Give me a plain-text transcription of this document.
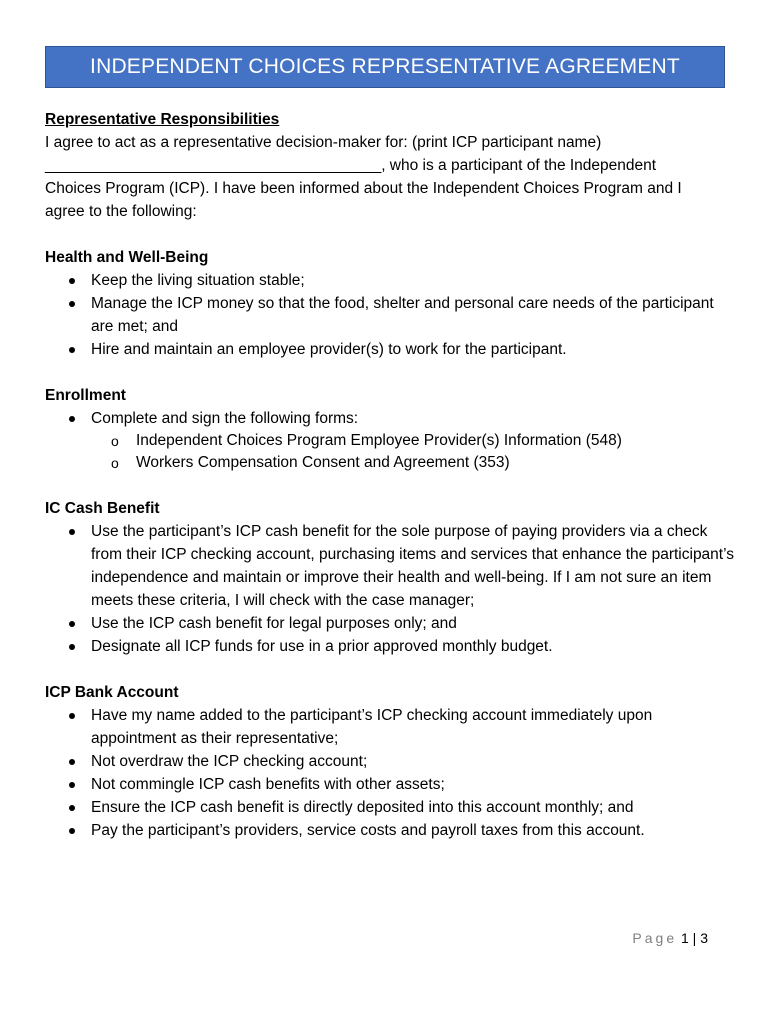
INDEPENDENT CHOICES REPRESENTATIVE AGREEMENT

Representative Responsibilities

I agree to act as a representative decision-maker for: (print ICP participant name)

_______________________________________, who is a participant of the Independent

Choices Program (ICP). I have been informed about the Independent Choices Program and I

agree to the following:

Health and Well-Being

Keep the living situation stable;
Manage the ICP money so that the food, shelter and personal care needs of the participant are met; and
Hire and maintain an employee provider(s) to work for the participant.

Enrollment

Complete and sign the following forms:
o Independent Choices Program Employee Provider(s) Information (548)
o Workers Compensation Consent and Agreement (353)

IC Cash Benefit

Use the participant’s ICP cash benefit for the sole purpose of paying providers via a check from their ICP checking account, purchasing items and services that enhance the participant’s independence and maintain or improve their health and well-being. If I am not sure an item meets these criteria, I will check with the case manager;
Use the ICP cash benefit for legal purposes only; and
Designate all ICP funds for use in a prior approved monthly budget.

ICP Bank Account

Have my name added to the participant’s ICP checking account immediately upon appointment as their representative;
Not overdraw the ICP checking account;
Not commingle ICP cash benefits with other assets;
Ensure the ICP cash benefit is directly deposited into this account monthly; and
Pay the participant’s providers, service costs and payroll taxes from this account.
Page 1 | 3
